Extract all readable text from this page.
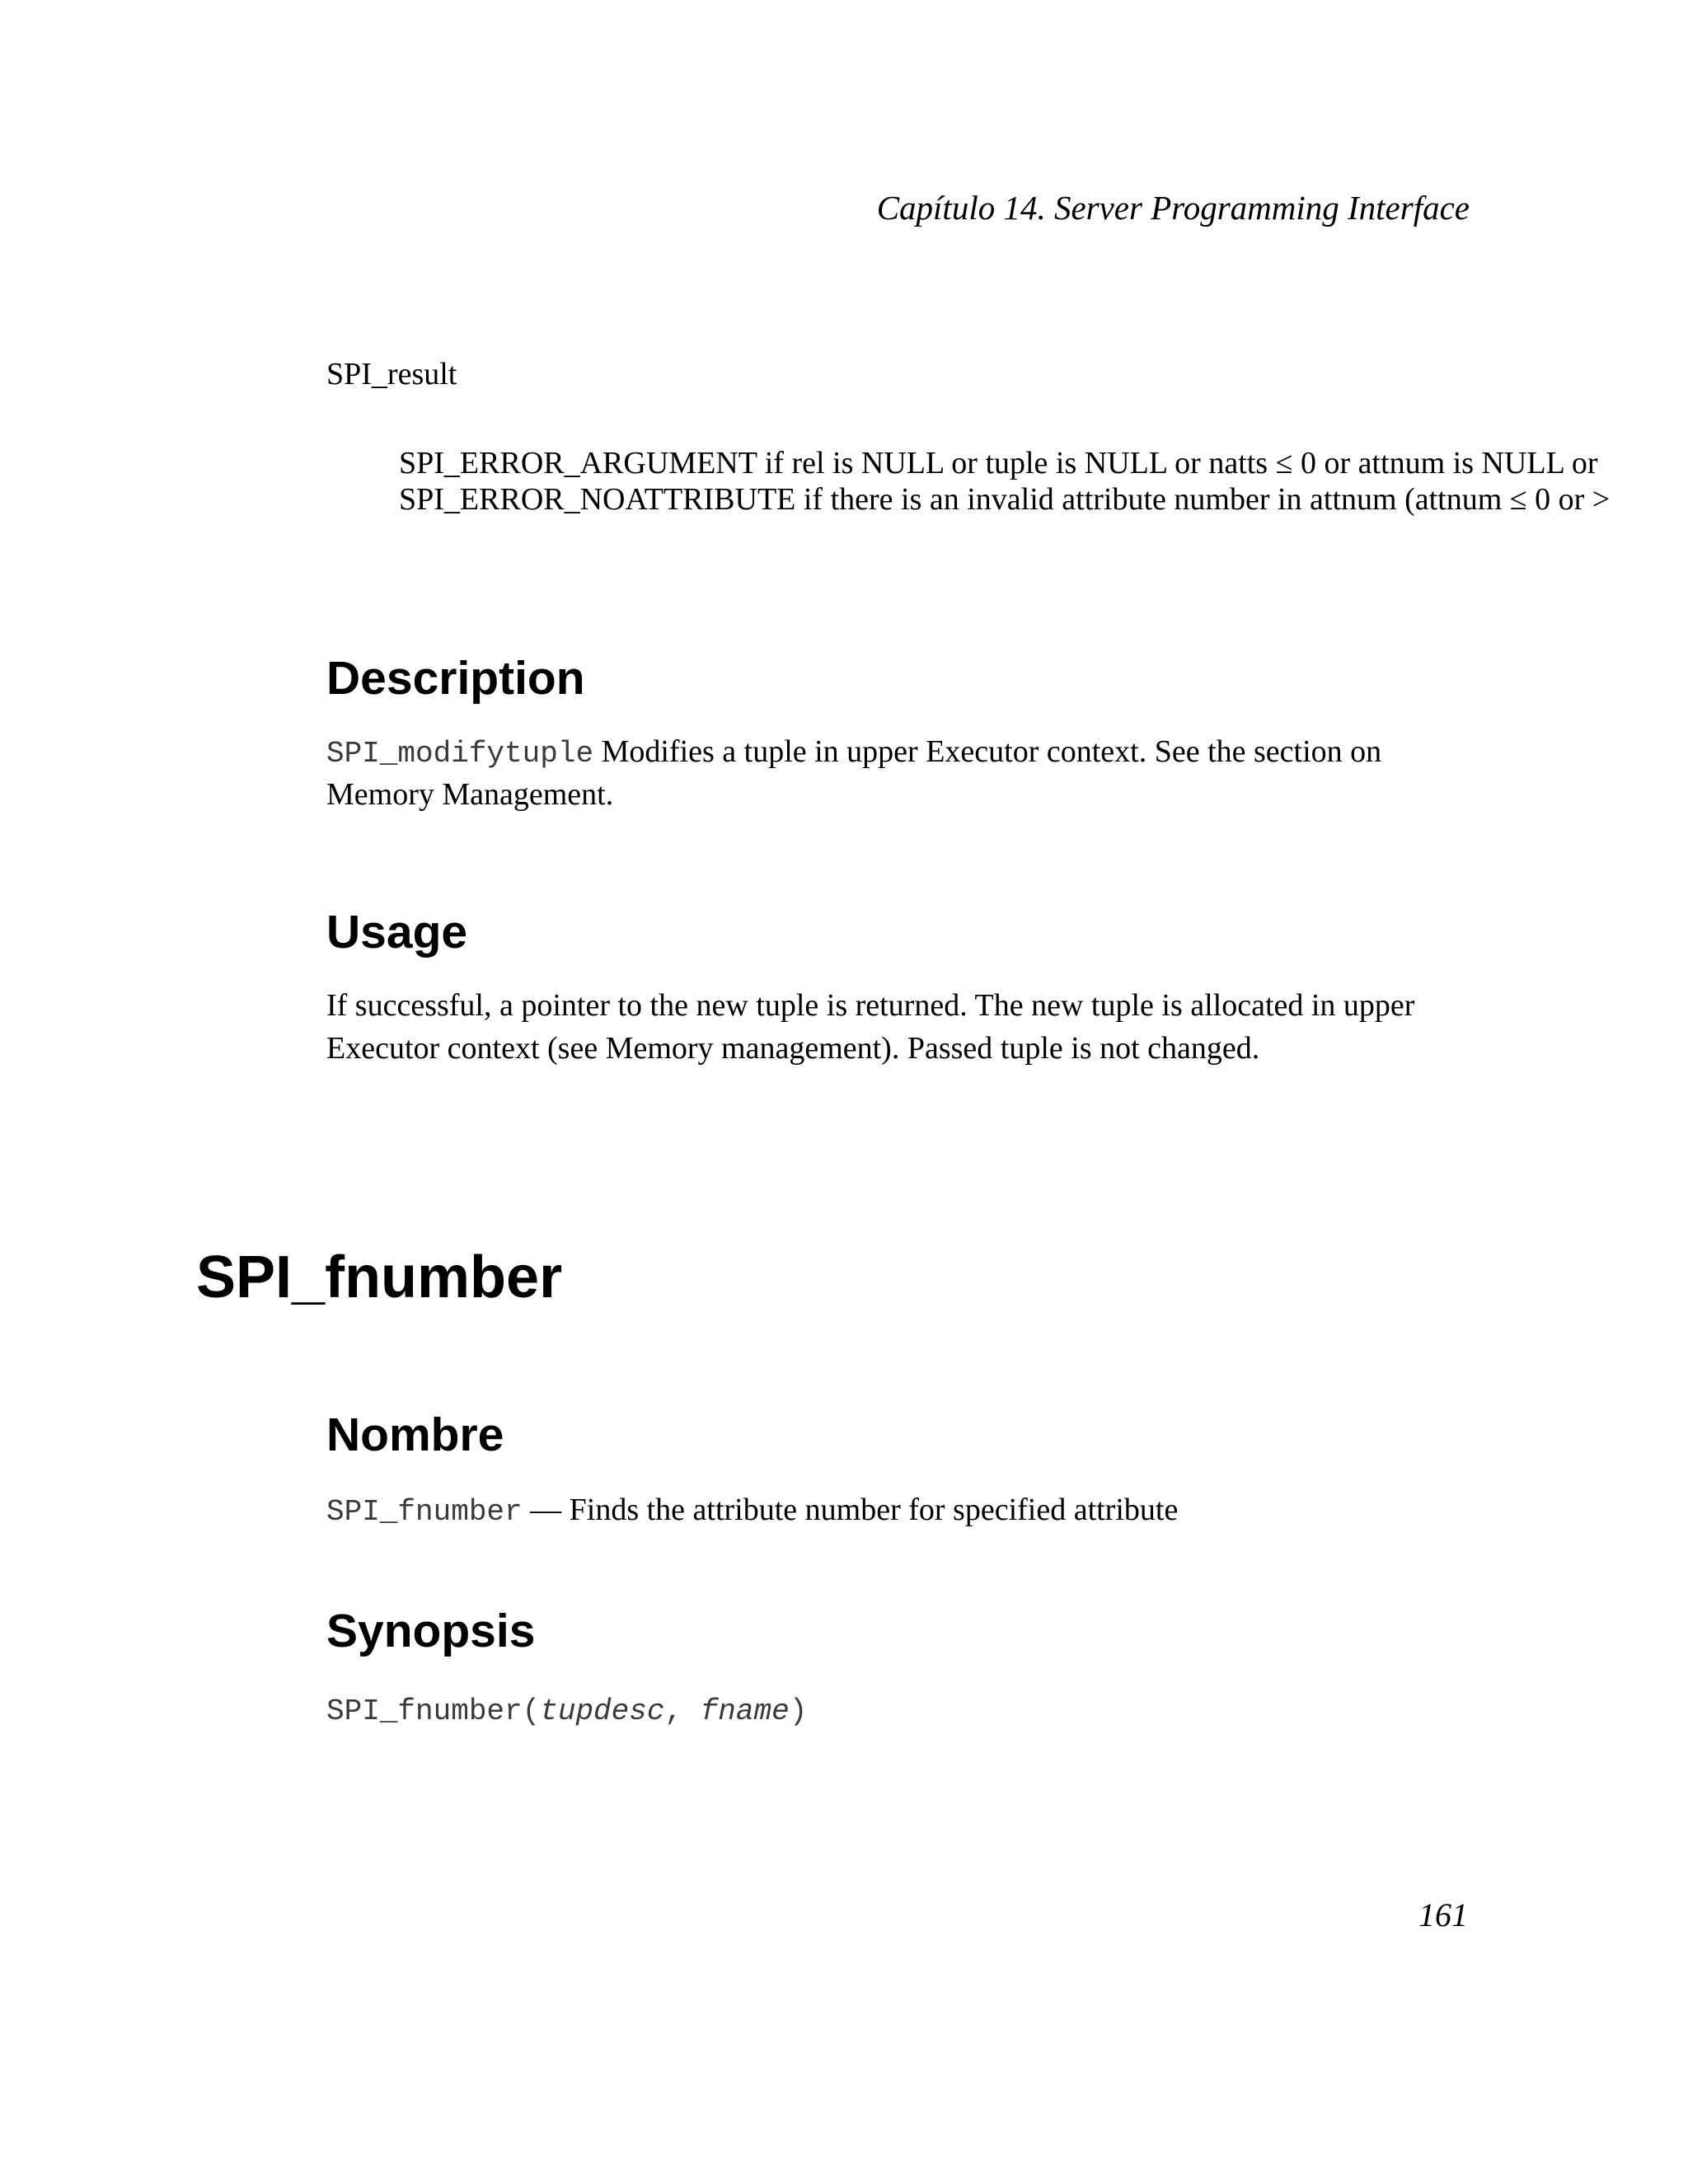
Capítulo 14. Server Programming Interface
SPI_result
SPI_ERROR_ARGUMENT if rel is NULL or tuple is NULL or natts ≤ 0 or attnum is NULL or
SPI_ERROR_NOATTRIBUTE if there is an invalid attribute number in attnum (attnum ≤ 0 or >
Description
SPI_modifytuple Modifies a tuple in upper Executor context. See the section on
Memory Management.
Usage
If successful, a pointer to the new tuple is returned. The new tuple is allocated in upper
Executor context (see Memory management). Passed tuple is not changed.
SPI_fnumber
Nombre
SPI_fnumber — Finds the attribute number for specified attribute
Synopsis
SPI_fnumber(tupdesc, fname)
161
